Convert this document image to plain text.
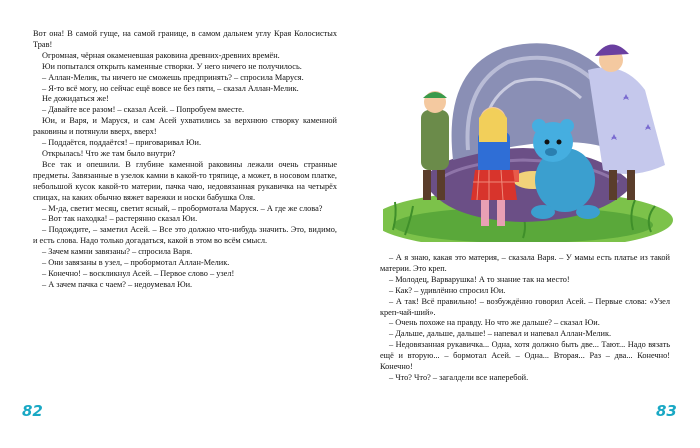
Вот она! В самой гуще, на самой границе, в самом дальнем углу Края Колосистых Трав!

Огромная, чёрная окаменевшая раковина древних-древних времён.

Юи попытался открыть каменные створки. У него ничего не получилось.

– Аллан-Мелик, ты ничего не сможешь предпринять? – спросила Маруся.

– Я-то всё могу, но сейчас ещё вовсе не без пяти, – сказал Аллан-Мелик.

Не дожидаться же!

– Давайте все разом! – сказал Асей. – Попробуем вместе.

Юи, и Варя, и Маруся, и сам Асей ухватились за верхнюю створку каменной раковины и потянули вверх, вверх!

– Поддаётся, поддаётся! – приговаривал Юи.

Открылась! Что же там было внутри?

Все так и опешили. В глубине каменной раковины лежали очень странные предметы. Завязанные в узелок камни в какой-то тряпице, а может, в носовом платке, небольшой кусок какой-то материи, пачка чаю, недовязанная рукавичка на четырёх спицах, на каких обычно вяжет варежки и носки бабушка Оля.

– М-да, светит месяц, светит ясный, – пробормотала Маруся. – А где же слова?

– Вот так находка! – растерянно сказал Юи.

– Подождите, – заметил Асей. – Все это должно что-нибудь значить. Это, видимо, и есть слова. Надо только догадаться, какой в этом во всём смысл.

– Зачем камни завязаны? – спросила Варя.

– Они завязаны в узел, – пробормотал Аллан-Мелик.

– Конечно! – воскликнул Асей. – Первое слово – узел!

– А зачем пачка с чаем? – недоумевал Юи.

82

– А я знаю, какая это материя, – сказала Варя. – У мамы есть платье из такой материи. Это креп.

– Молодец, Варварушка! А то знание так на место!

– Как? – удивлённо спросил Юи.

– А так! Всё правильно! – возбуждённо говорил Асей. – Первые слова: «Узел креп-чай-ший».

– Очень похоже на правду. Но что же дальше? – сказал Юи.

– Дальше, дальше, дальше! – напевал и напевал Аллан-Мелик.

– Недовязанная рукавичка... Одна, хотя должно быть две... Тают... Надо вязать ещё и вторую... – бормотал Асей. – Одна... Вторая... Раз – два... Конечно! Конечно!

– Что? Что? – загалдели все наперебой.

83
